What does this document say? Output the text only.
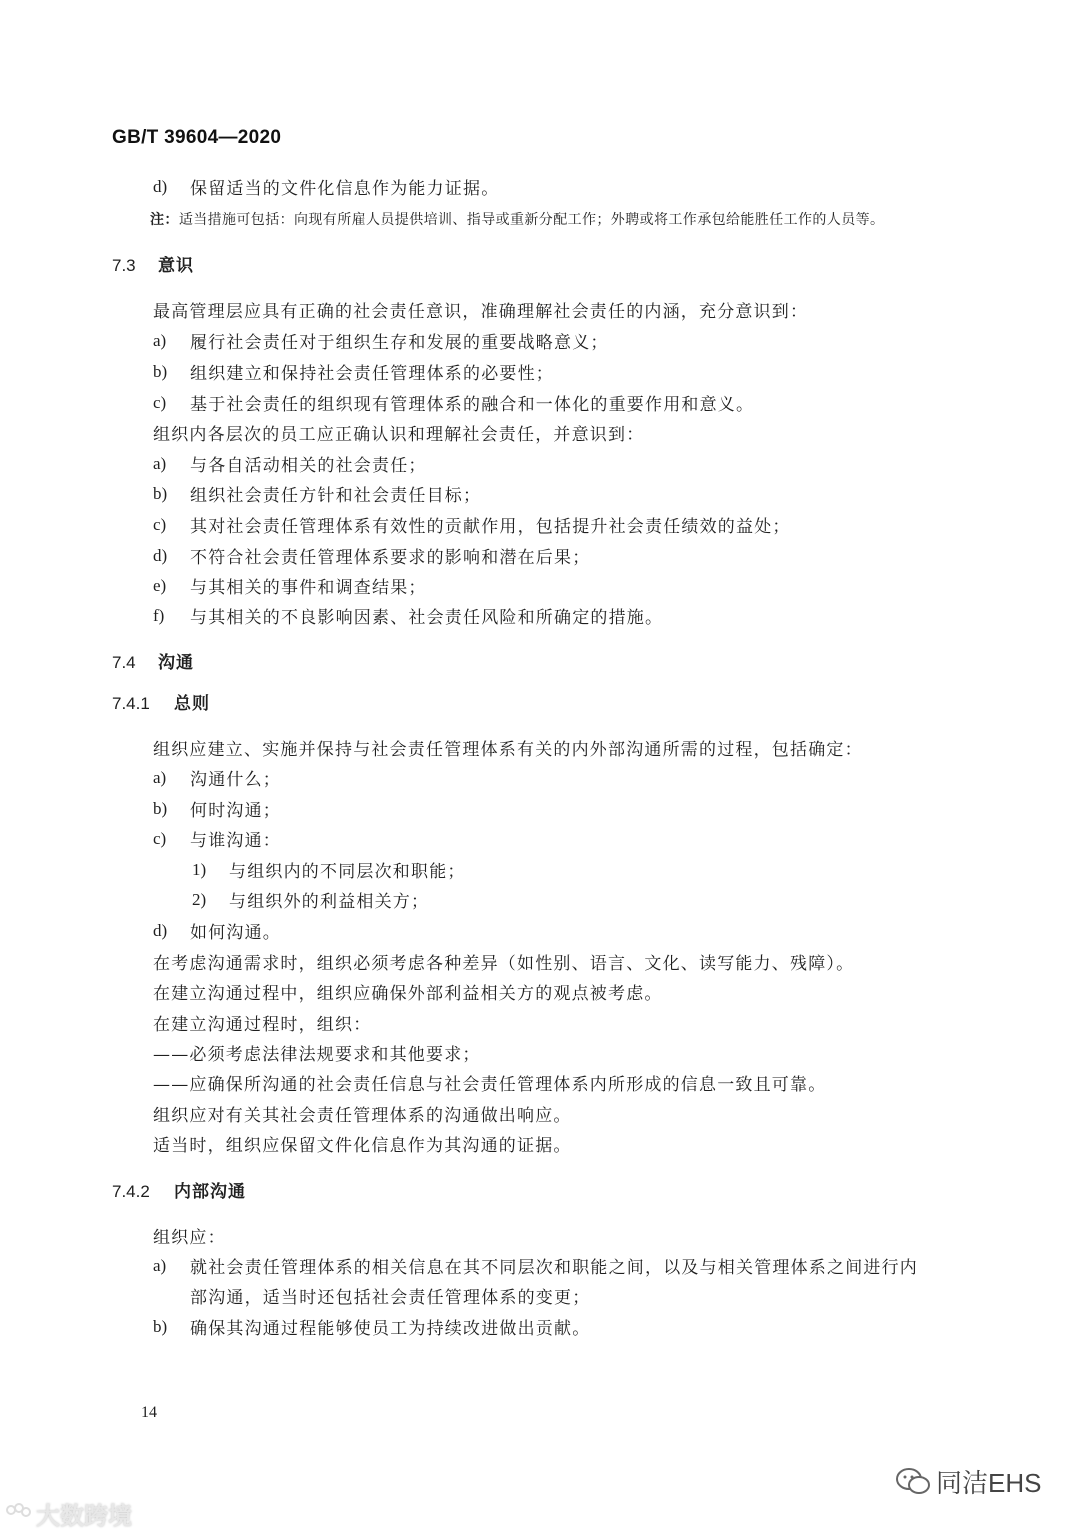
GB/T 39604—2020
d) 保留适当的文件化信息作为能力证据。
注：适当措施可包括：向现有所雇人员提供培训、指导或重新分配工作；外聘或将工作承包给能胜任工作的人员等。
7.3 意识
最高管理层应具有正确的社会责任意识，准确理解社会责任的内涵，充分意识到：
a) 履行社会责任对于组织生存和发展的重要战略意义；
b) 组织建立和保持社会责任管理体系的必要性；
c) 基于社会责任的组织现有管理体系的融合和一体化的重要作用和意义。
组织内各层次的员工应正确认识和理解社会责任，并意识到：
a) 与各自活动相关的社会责任；
b) 组织社会责任方针和社会责任目标；
c) 其对社会责任管理体系有效性的贡献作用，包括提升社会责任绩效的益处；
d) 不符合社会责任管理体系要求的影响和潜在后果；
e) 与其相关的事件和调查结果；
f) 与其相关的不良影响因素、社会责任风险和所确定的措施。
7.4 沟通
7.4.1 总则
组织应建立、实施并保持与社会责任管理体系有关的内外部沟通所需的过程，包括确定：
a) 沟通什么；
b) 何时沟通；
c) 与谁沟通：
1) 与组织内的不同层次和职能；
2) 与组织外的利益相关方；
d) 如何沟通。
在考虑沟通需求时，组织必须考虑各种差异（如性别、语言、文化、读写能力、残障）。
在建立沟通过程中，组织应确保外部利益相关方的观点被考虑。
在建立沟通过程时，组织：
——必须考虑法律法规要求和其他要求；
——应确保所沟通的社会责任信息与社会责任管理体系内所形成的信息一致且可靠。
组织应对有关其社会责任管理体系的沟通做出响应。
适当时，组织应保留文件化信息作为其沟通的证据。
7.4.2 内部沟通
组织应：
a) 就社会责任管理体系的相关信息在其不同层次和职能之间，以及与相关管理体系之间进行内
部沟通，适当时还包括社会责任管理体系的变更；
b) 确保其沟通过程能够使员工为持续改进做出贡献。
14
同洁EHS
大数跨境
